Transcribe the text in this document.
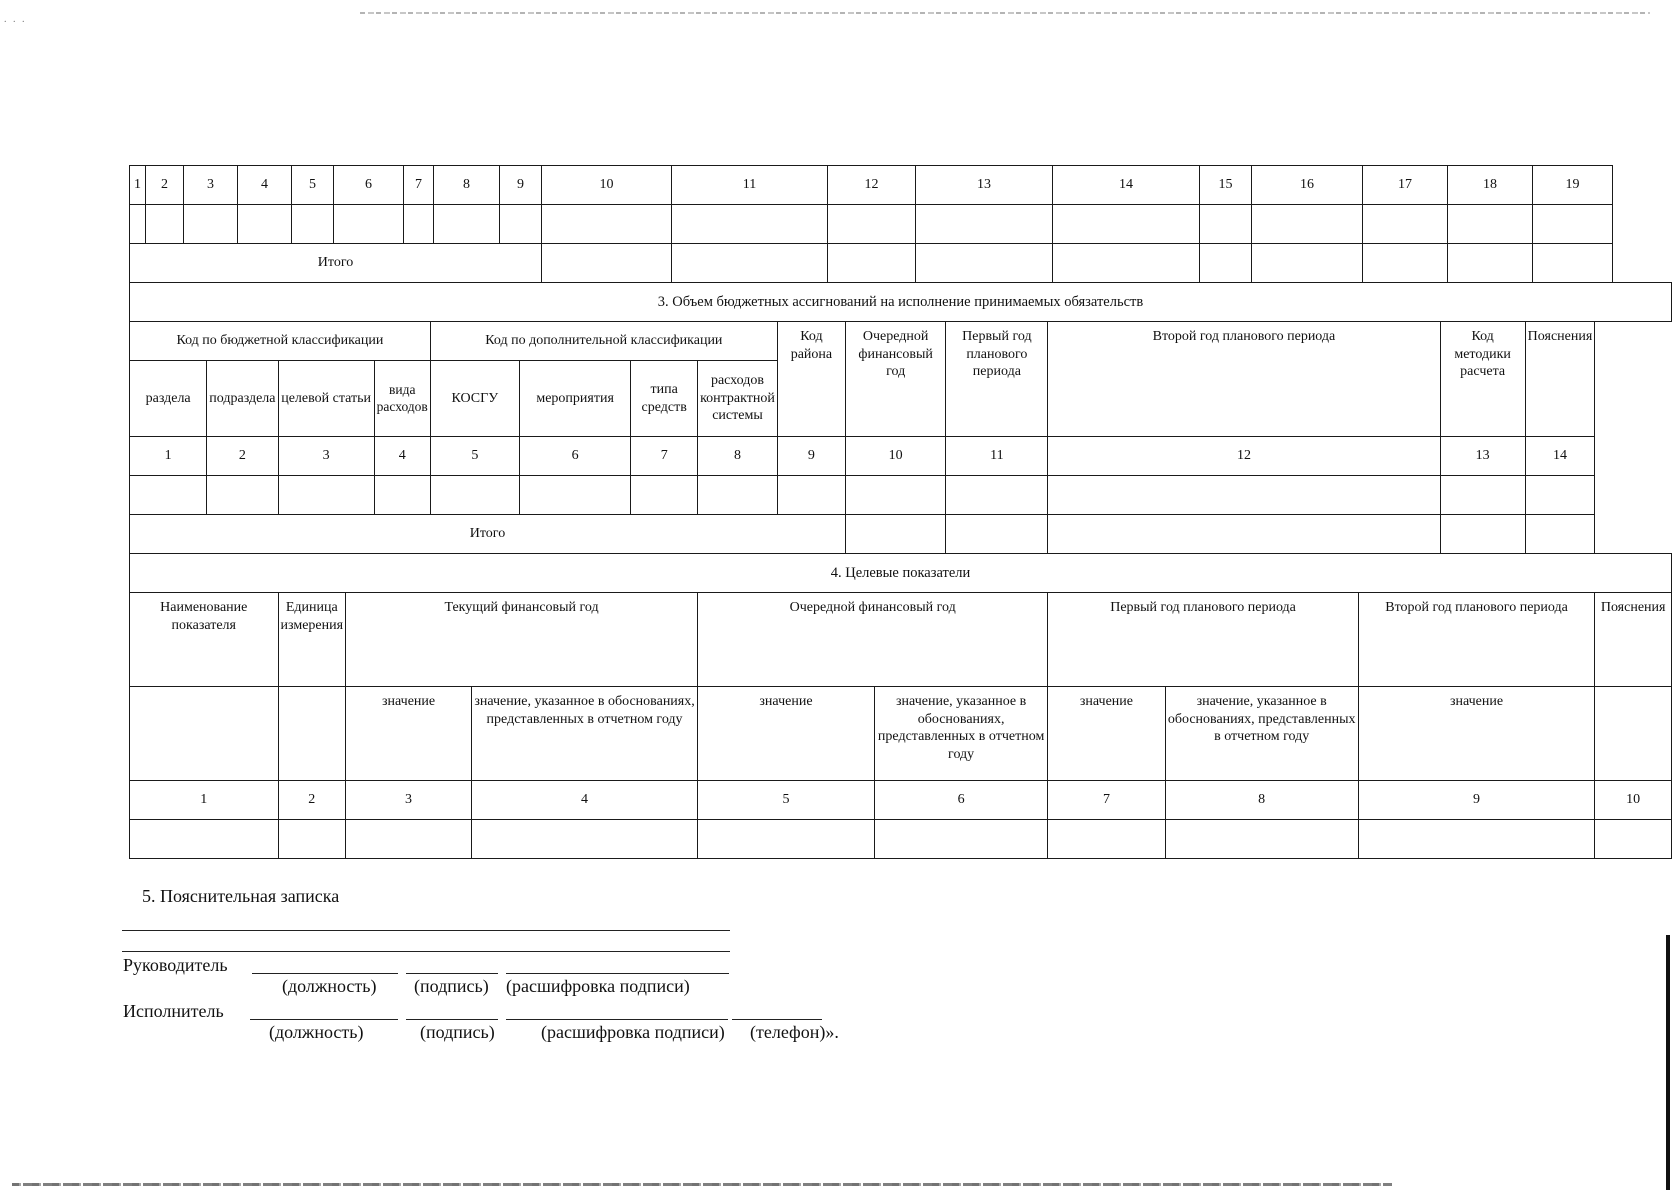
. . .
1	2	3	4	5	6	7	8	9	10	11	12	13	14	15	16	17	18	19

Итого																		
3. Объем бюджетных ассигнований на исполнение принимаемых обязательств																			
Код по бюджетной классификации					Код по дополнительной классификации					Код района	Очередной финансовый год		Первый год планового периода	Второй год планового периода			Код методики расчета	Пояснения	
раздела	подраздела	целевой статьи		вида расходов	КОСГУ		мероприятия	типа средств	расходов контрактной системы										
1	2	3		4	5		6	7	8	9	10		11	12			13	14	

Итого																			
4. Целевые показатели																			
Наименование показателя		Единица измерения	Текущий финансовый год						Очередной финансовый год					Первый год планового периода		Второй год планового периода			Пояснения
			значение			значение, указанное в обоснованиях, представленных в отчетном году			значение			значение, указанное в обоснованиях, представленных в отчетном году		значение	значение, указанное в обоснованиях, представленных в отчетном году	значение			
1		2	3			4			5			6		7	8	9			10

5. Пояснительная записка
Руководитель
(должность) (подпись) (расшифровка подписи)
Исполнитель
(должность)	(подпись)	(расшифровка подписи) (телефон)».
